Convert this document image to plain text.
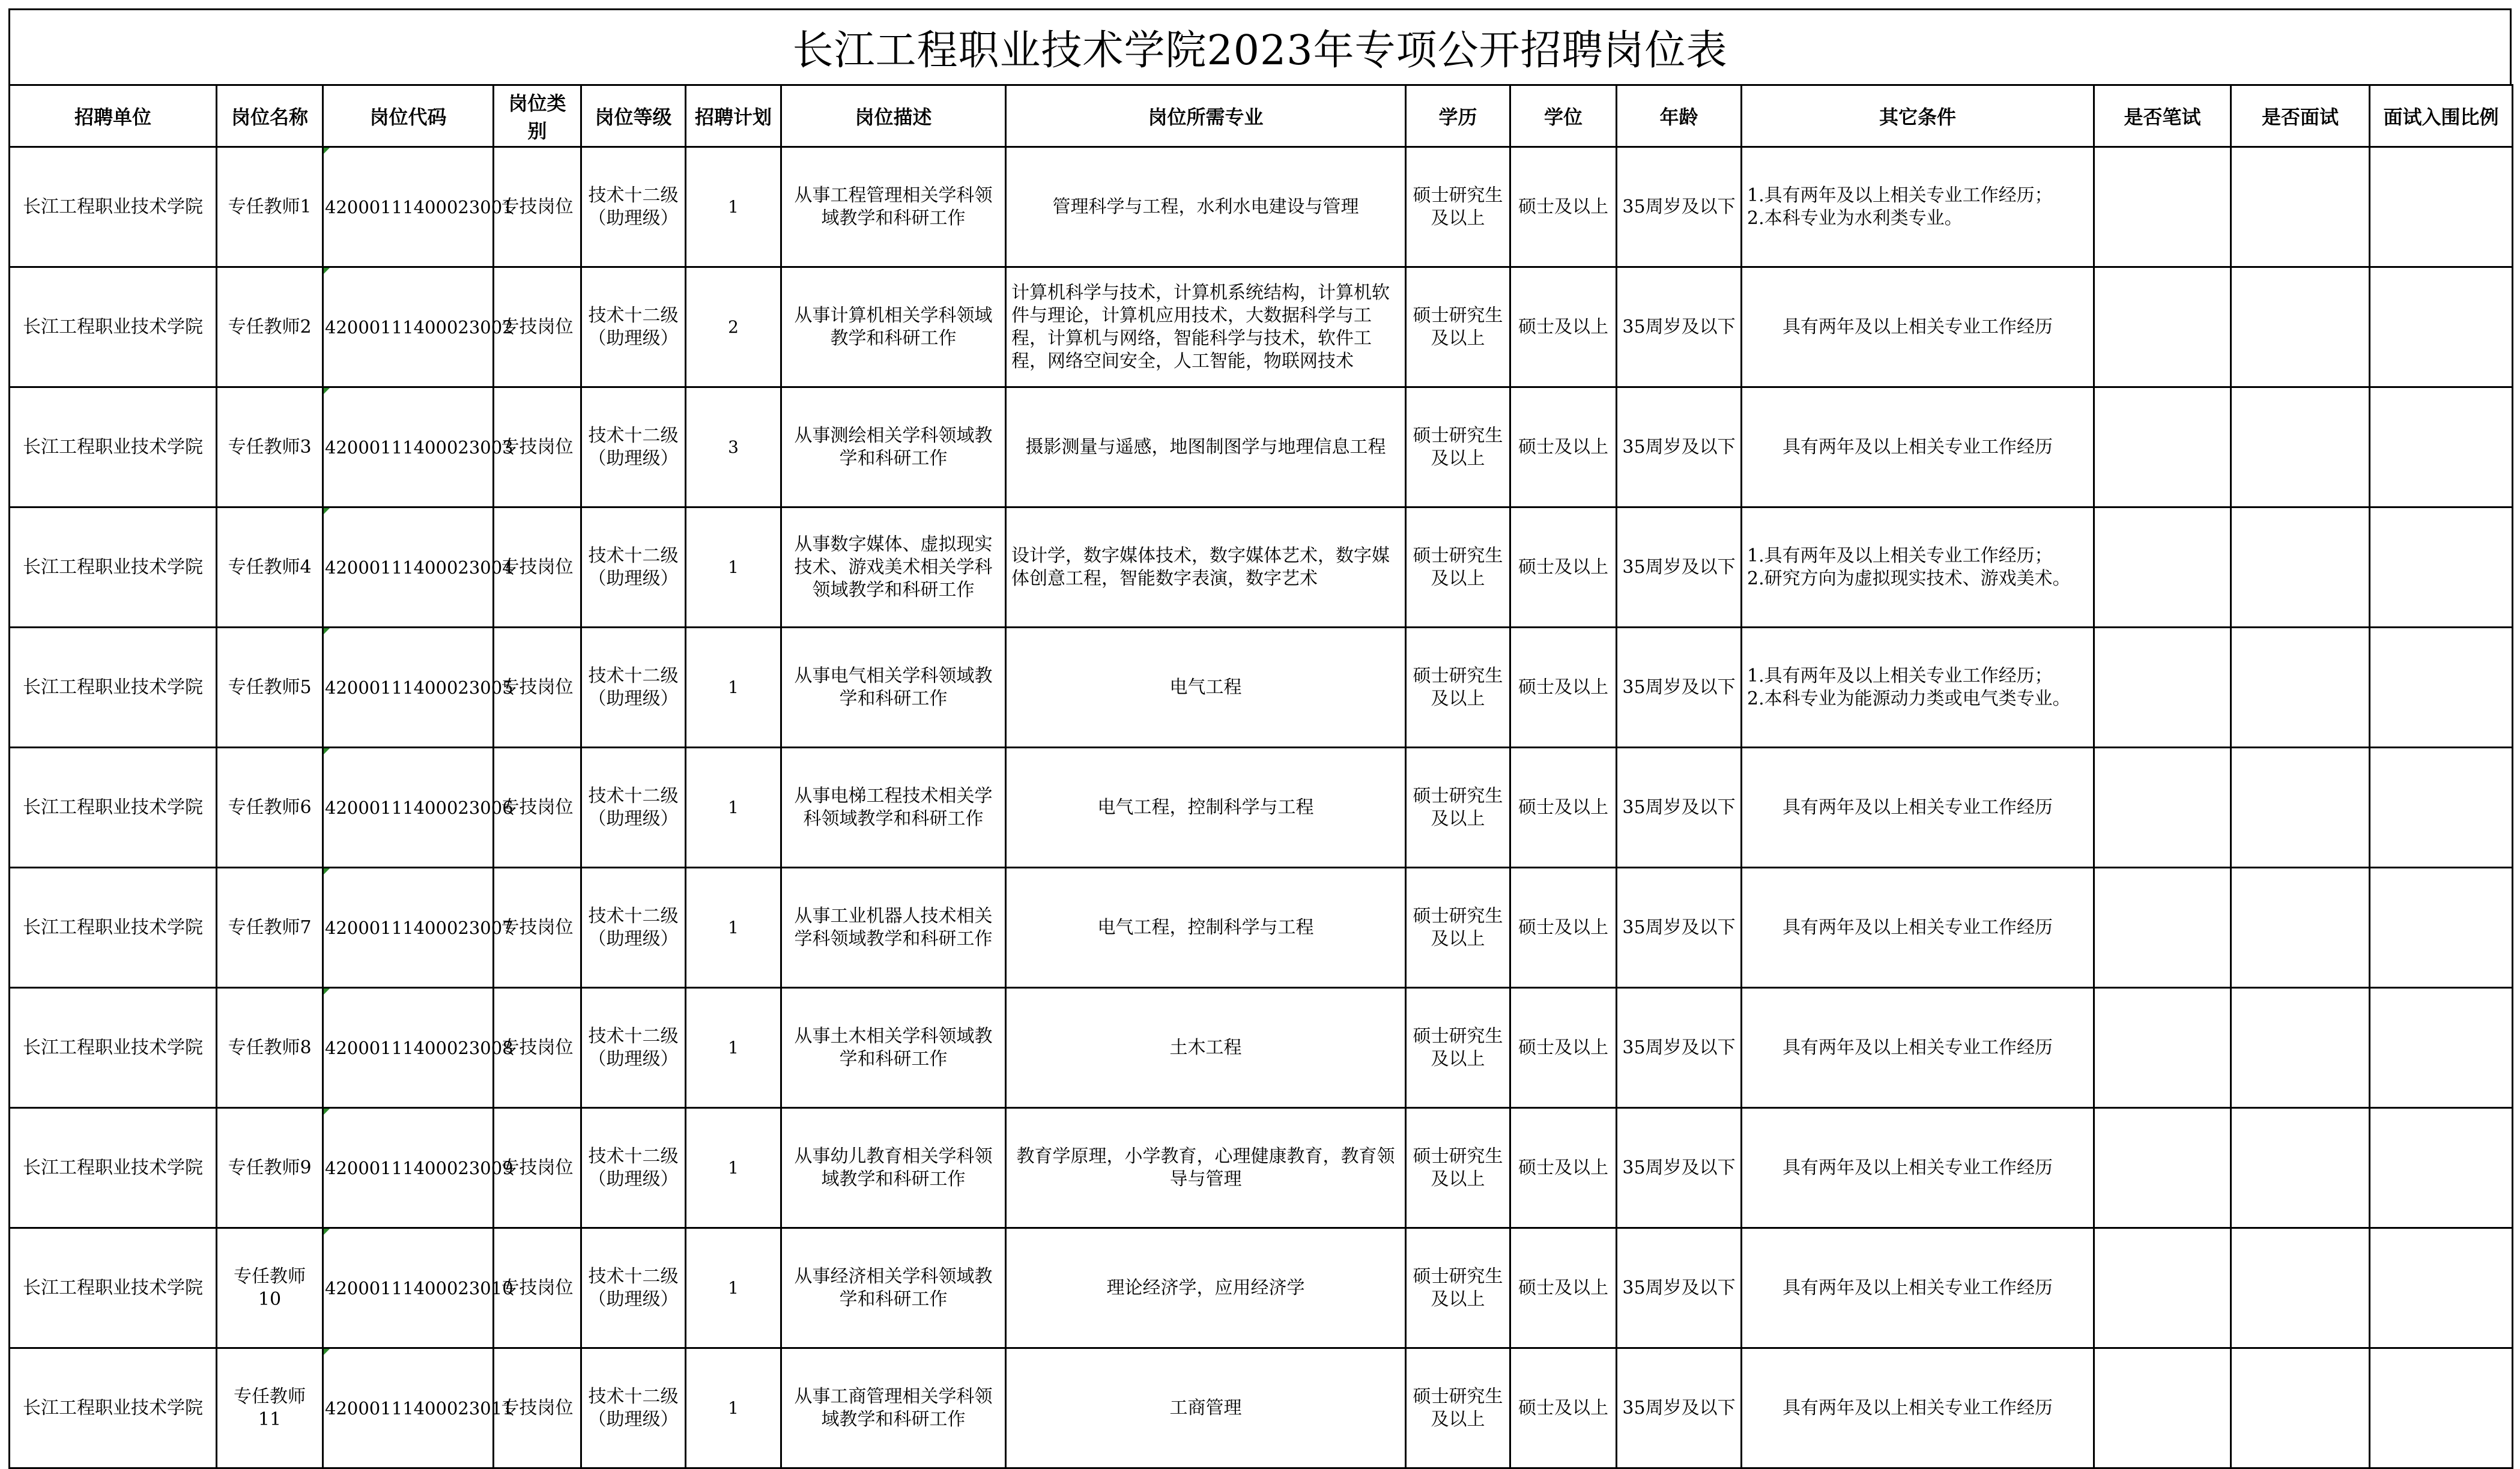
长江工程职业技术学院2023年专项公开招聘岗位表
招聘单位	岗位名称	岗位代码	岗位类别	岗位等级	招聘计划	岗位描述	岗位所需专业	学历	学位	年龄	其它条件	是否笔试	是否面试	面试入围比例
长江工程职业技术学院	专任教师1	42000111400023001	专技岗位	技术十二级（助理级）	1	从事工程管理相关学科领域教学和科研工作	管理科学与工程，水利水电建设与管理	硕士研究生及以上	硕士及以上	35周岁及以下	1.具有两年及以上相关专业工作经历；
2.本科专业为水利类专业。			
长江工程职业技术学院	专任教师2	42000111400023002	专技岗位	技术十二级（助理级）	2	从事计算机相关学科领域教学和科研工作	计算机科学与技术，计算机系统结构，计算机软件与理论，计算机应用技术，大数据科学与工程，计算机与网络，智能科学与技术，软件工程，网络空间安全，人工智能，物联网技术	硕士研究生及以上	硕士及以上	35周岁及以下	具有两年及以上相关专业工作经历			
长江工程职业技术学院	专任教师3	42000111400023003	专技岗位	技术十二级（助理级）	3	从事测绘相关学科领域教学和科研工作	摄影测量与遥感，地图制图学与地理信息工程	硕士研究生及以上	硕士及以上	35周岁及以下	具有两年及以上相关专业工作经历			
长江工程职业技术学院	专任教师4	42000111400023004	专技岗位	技术十二级（助理级）	1	从事数字媒体、虚拟现实技术、游戏美术相关学科领域教学和科研工作	设计学，数字媒体技术，数字媒体艺术，数字媒体创意工程，智能数字表演，数字艺术	硕士研究生及以上	硕士及以上	35周岁及以下	1.具有两年及以上相关专业工作经历；
2.研究方向为虚拟现实技术、游戏美术。			
长江工程职业技术学院	专任教师5	42000111400023005	专技岗位	技术十二级（助理级）	1	从事电气相关学科领域教学和科研工作	电气工程	硕士研究生及以上	硕士及以上	35周岁及以下	1.具有两年及以上相关专业工作经历；
2.本科专业为能源动力类或电气类专业。			
长江工程职业技术学院	专任教师6	42000111400023006	专技岗位	技术十二级（助理级）	1	从事电梯工程技术相关学科领域教学和科研工作	电气工程，控制科学与工程	硕士研究生及以上	硕士及以上	35周岁及以下	具有两年及以上相关专业工作经历			
长江工程职业技术学院	专任教师7	42000111400023007	专技岗位	技术十二级（助理级）	1	从事工业机器人技术相关学科领域教学和科研工作	电气工程，控制科学与工程	硕士研究生及以上	硕士及以上	35周岁及以下	具有两年及以上相关专业工作经历			
长江工程职业技术学院	专任教师8	42000111400023008	专技岗位	技术十二级（助理级）	1	从事土木相关学科领域教学和科研工作	土木工程	硕士研究生及以上	硕士及以上	35周岁及以下	具有两年及以上相关专业工作经历			
长江工程职业技术学院	专任教师9	42000111400023009	专技岗位	技术十二级（助理级）	1	从事幼儿教育相关学科领域教学和科研工作	教育学原理，小学教育，心理健康教育，教育领导与管理	硕士研究生及以上	硕士及以上	35周岁及以下	具有两年及以上相关专业工作经历			
长江工程职业技术学院	专任教师10	42000111400023010	专技岗位	技术十二级（助理级）	1	从事经济相关学科领域教学和科研工作	理论经济学，应用经济学	硕士研究生及以上	硕士及以上	35周岁及以下	具有两年及以上相关专业工作经历			
长江工程职业技术学院	专任教师11	42000111400023011	专技岗位	技术十二级（助理级）	1	从事工商管理相关学科领域教学和科研工作	工商管理	硕士研究生及以上	硕士及以上	35周岁及以下	具有两年及以上相关专业工作经历			
